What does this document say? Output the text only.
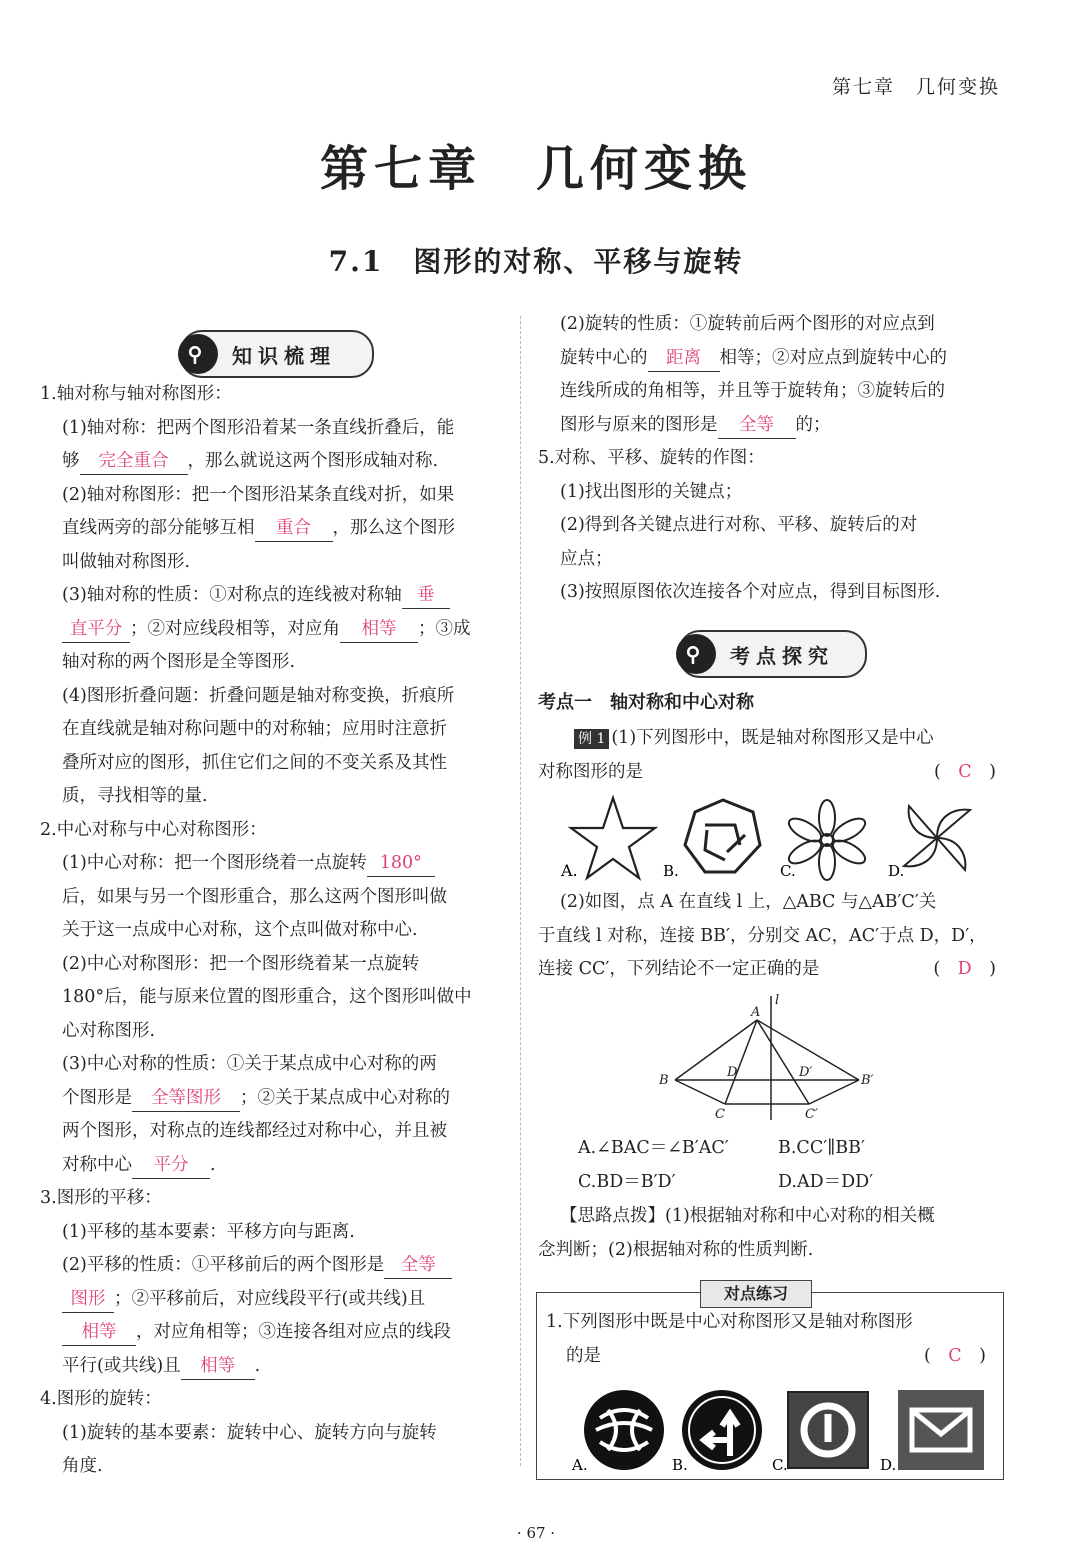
第七章　几何变换
第七章　几何变换
7.1　图形的对称、平移与旋转
⚲	知识梳理

1.轴对称与轴对称图形：

(1)轴对称：把两个图形沿着某一条直线折叠后，能

够 完全重合 ，那么就说这两个图形成轴对称.

(2)轴对称图形：把一个图形沿某条直线对折，如果

直线两旁的部分能够互相 重合 ，那么这个图形

叫做轴对称图形.

(3)轴对称的性质：①对称点的连线被对称轴 垂

直平分 ；②对应线段相等，对应角 相等 ；③成

轴对称的两个图形是全等图形.

(4)图形折叠问题：折叠问题是轴对称变换，折痕所

在直线就是轴对称问题中的对称轴；应用时注意折

叠所对应的图形，抓住它们之间的不变关系及其性

质，寻找相等的量.

2.中心对称与中心对称图形：

(1)中心对称：把一个图形绕着一点旋转 180°

后，如果与另一个图形重合，那么这两个图形叫做

关于这一点成中心对称，这个点叫做对称中心.

(2)中心对称图形：把一个图形绕着某一点旋转

180°后，能与原来位置的图形重合，这个图形叫做中

心对称图形.

(3)中心对称的性质：①关于某点成中心对称的两

个图形是 全等图形 ；②关于某点成中心对称的

两个图形，对称点的连线都经过对称中心，并且被

对称中心 平分 .

3.图形的平移：

(1)平移的基本要素：平移方向与距离.

(2)平移的性质：①平移前后的两个图形是 全等

图形 ；②平移前后，对应线段平行(或共线)且

相等 ，对应角相等；③连接各组对应点的线段

平行(或共线)且 相等 .

4.图形的旋转：

(1)旋转的基本要素：旋转中心、旋转方向与旋转

角度.

(2)旋转的性质：①旋转前后两个图形的对应点到

旋转中心的 距离 相等；②对应点到旋转中心的

连线所成的角相等，并且等于旋转角；③旋转后的

图形与原来的图形是 全等 的；

5.对称、平移、旋转的作图：

(1)找出图形的关键点；

(2)得到各关键点进行对称、平移、旋转后的对

应点；

(3)按照原图依次连接各个对应点，得到目标图形.

⚲	考点探究
考点一　轴对称和中心对称

例 1 (1)下列图形中，既是轴对称图形又是中心

对称图形的是	(　C　)

A.	B.	C.	D.

(2)如图，点 A 在直线 l 上，△ABC 与△AB′C′关

于直线 l 对称，连接 BB′，分别交 AC，AC′于点 D，D′，

连接 CC′，下列结论不一定正确的是	(　D　)

l
A
B	B′
C	C′
D	D′

A.∠BAC＝∠B′AC′	B.CC′∥BB′

C.BD＝B′D′	D.AD＝DD′

【思路点拨】(1)根据轴对称和中心对称的相关概

念判断；(2)根据轴对称的性质判断.

对点练习

1.下列图形中既是中心对称图形又是轴对称图形

的是	(　C　)

A.	B.	C.	D.
· 67 ·
